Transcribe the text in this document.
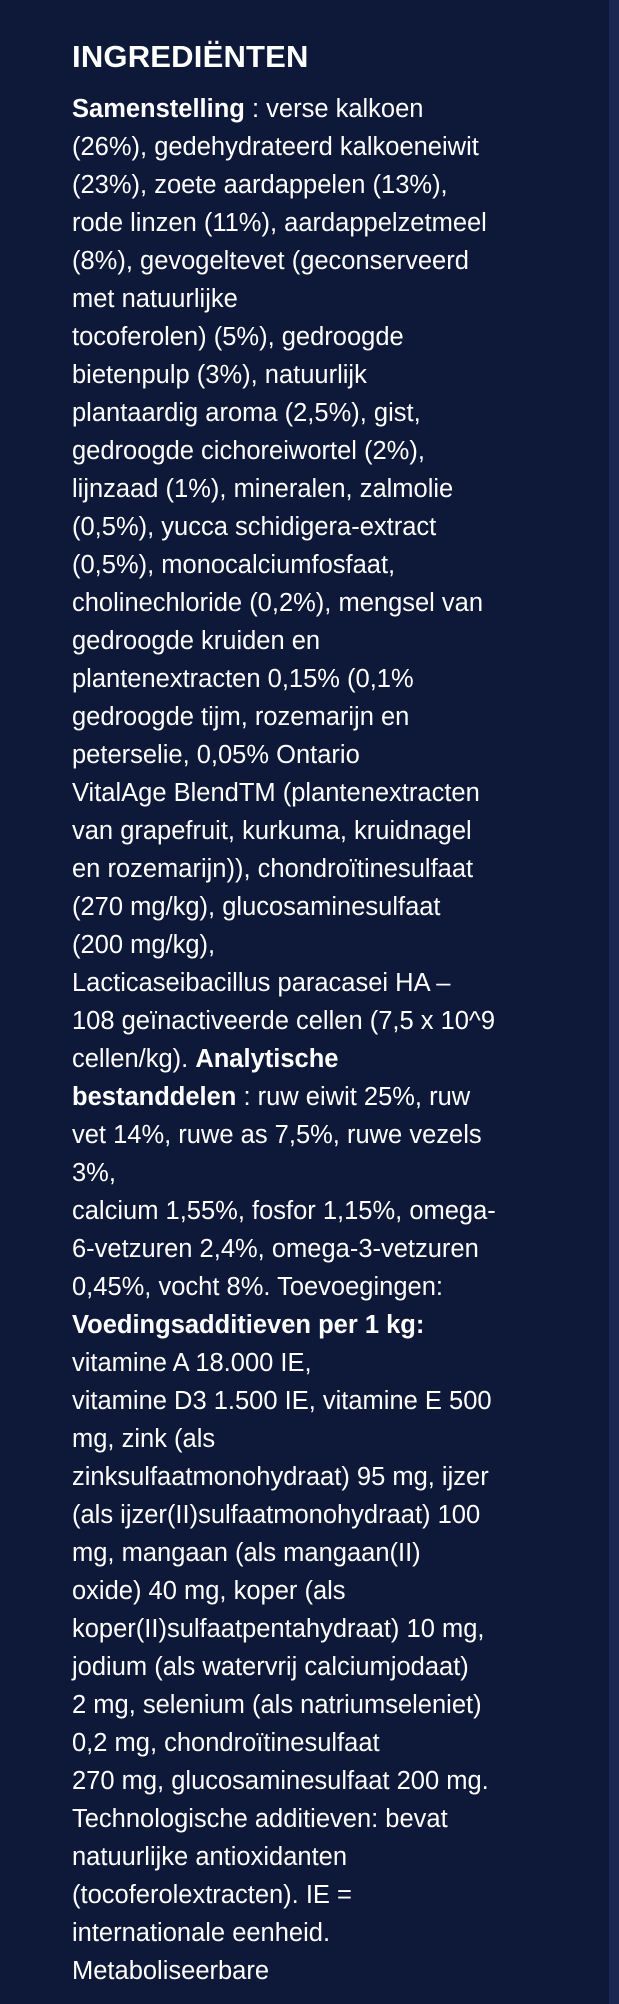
INGREDIËNTEN
Samenstelling : verse kalkoen
(26%), gedehydrateerd kalkoeneiwit
(23%), zoete aardappelen (13%),
rode linzen (11%), aardappelzetmeel
(8%), gevogeltevet (geconserveerd
met natuurlijke
tocoferolen) (5%), gedroogde
bietenpulp (3%), natuurlijk
plantaardig aroma (2,5%), gist,
gedroogde cichoreiwortel (2%),
lijnzaad (1%), mineralen, zalmolie
(0,5%), yucca schidigera-extract
(0,5%), monocalciumfosfaat,
cholinechloride (0,2%), mengsel van
gedroogde kruiden en
plantenextracten 0,15% (0,1%
gedroogde tijm, rozemarijn en
peterselie, 0,05% Ontario
VitalAge BlendTM (plantenextracten
van grapefruit, kurkuma, kruidnagel
en rozemarijn)), chondroïtinesulfaat
(270 mg/kg), glucosaminesulfaat
(200 mg/kg),
Lacticaseibacillus paracasei HA –
108 geïnactiveerde cellen (7,5 x 10^9
cellen/kg). Analytische
bestanddelen : ruw eiwit 25%, ruw
vet 14%, ruwe as 7,5%, ruwe vezels
3%,
calcium 1,55%, fosfor 1,15%, omega-
6-vetzuren 2,4%, omega-3-vetzuren
0,45%, vocht 8%. Toevoegingen:
Voedingsadditieven per 1 kg:
vitamine A 18.000 IE,
vitamine D3 1.500 IE, vitamine E 500
mg, zink (als
zinksulfaatmonohydraat) 95 mg, ijzer
(als ijzer(II)sulfaatmonohydraat) 100
mg, mangaan (als mangaan(II)
oxide) 40 mg, koper (als
koper(II)sulfaatpentahydraat) 10 mg,
jodium (als watervrij calciumjodaat)
2 mg, selenium (als natriumseleniet)
0,2 mg, chondroïtinesulfaat
270 mg, glucosaminesulfaat 200 mg.
Technologische additieven: bevat
natuurlijke antioxidanten
(tocoferolextracten). IE =
internationale eenheid.
Metaboliseerbare
